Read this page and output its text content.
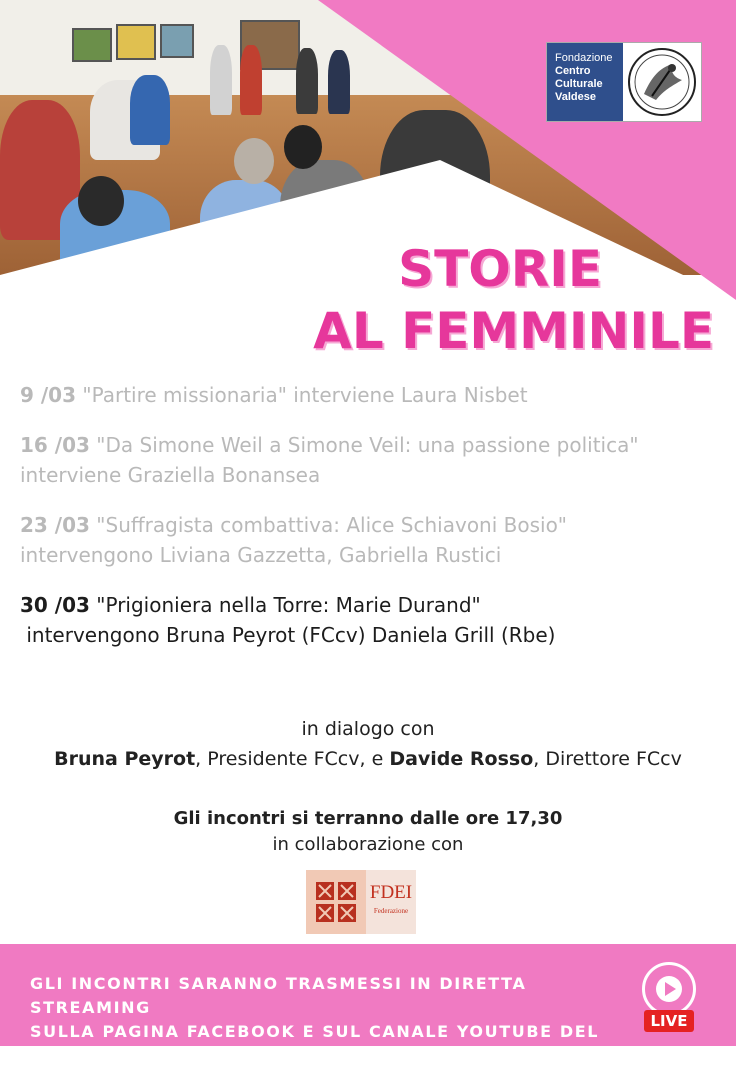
Fondazione
Centro
Culturale
Valdese
STORIE
AL FEMMINILE
9 /03 "Partire missionaria" interviene Laura Nisbet
16 /03 "Da Simone Weil a Simone Veil: una passione politica"
interviene Graziella Bonansea
23 /03 "Suffragista combattiva: Alice Schiavoni Bosio"
intervengono Liviana Gazzetta, Gabriella Rustici
30 /03 "Prigioniera nella Torre: Marie Durand"
intervengono Bruna Peyrot (FCcv) Daniela Grill (Rbe)
in dialogo con
Bruna Peyrot, Presidente FCcv, e Davide Rosso, Direttore FCcv
Gli incontri si terranno dalle ore 17,30
in collaborazione con
FDEI
Federazione
GLI INCONTRI SARANNO TRASMESSI IN DIRETTA STREAMING
SULLA PAGINA FACEBOOK E SUL CANALE YOUTUBE DEL CCV
LIVE
